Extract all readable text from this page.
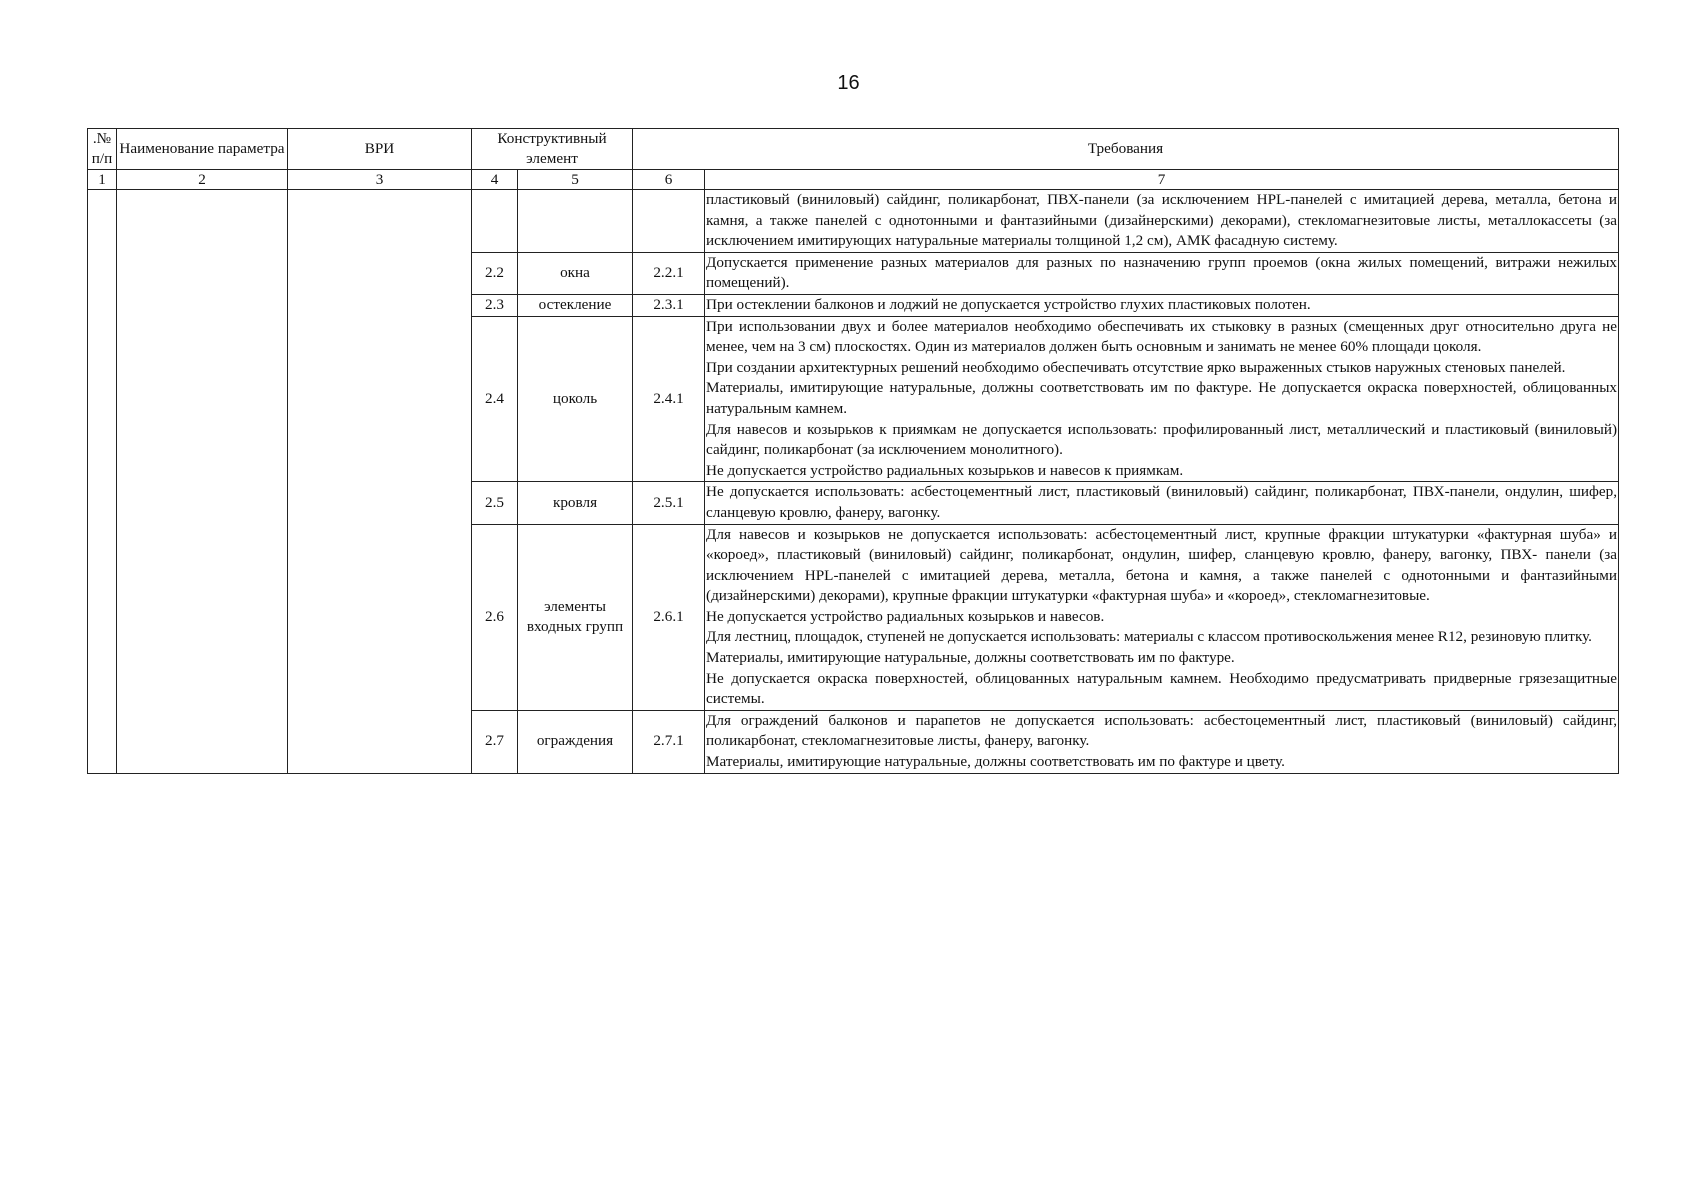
16
.№ п/п	Наименование параметра	ВРИ	Конструктивный элемент		Требования	
1	2	3	4	5	6	7

						пластиковый (виниловый) сайдинг, поликарбонат, ПВХ-панели (за исключением HPL-панелей с имитацией дерева, металла, бетона и камня, а также панелей с однотонными и фантазийными (дизайнерскими) декорами), стекломагнезитовые листы, металлокассеты (за исключением имитирующих натуральные материалы толщиной 1,2 см), АМК фасадную систему.

			2.2	окна	2.2.1	Допускается применение разных материалов для разных по назначению групп проемов (окна жилых помещений, витражи нежилых помещений).

			2.3	остекление	2.3.1	При остеклении балконов и лоджий не допускается устройство глухих пластиковых полотен.

			2.4	цоколь	2.4.1	При использовании двух и более материалов необходимо обеспечивать их стыковку в разных (смещенных друг относительно друга не менее, чем на 3 см) плоскостях. Один из материалов должен быть основным и занимать не менее 60% площади цоколя.

При создании архитектурных решений необходимо обеспечивать отсутствие ярко выраженных стыков наружных стеновых панелей.

Материалы, имитирующие натуральные, должны соответствовать им по фактуре. Не допускается окраска поверхностей, облицованных натуральным камнем.

Для навесов и козырьков к приямкам не допускается использовать: профилированный лист, металлический и пластиковый (виниловый) сайдинг, поликарбонат (за исключением монолитного).

Не допускается устройство радиальных козырьков и навесов к приямкам.

			2.5	кровля	2.5.1	Не допускается использовать: асбестоцементный лист, пластиковый (виниловый) сайдинг, поликарбонат, ПВХ-панели, ондулин, шифер, сланцевую кровлю, фанеру, вагонку.

			2.6	элементы входных групп	2.6.1	Для навесов и козырьков не допускается использовать: асбестоцементный лист, крупные фракции штукатурки «фактурная шуба» и «короед», пластиковый (виниловый) сайдинг, поликарбонат, ондулин, шифер, сланцевую кровлю, фанеру, вагонку, ПВХ- панели (за исключением HPL-панелей с имитацией дерева, металла, бетона и камня, а также панелей с однотонными и фантазийными (дизайнерскими) декорами), крупные фракции штукатурки «фактурная шуба» и «короед», стекломагнезитовые.

Не допускается устройство радиальных козырьков и навесов.

Для лестниц, площадок, ступеней не допускается использовать: материалы с классом противоскольжения менее R12, резиновую плитку.

Материалы, имитирующие натуральные, должны соответствовать им по фактуре.

Не допускается окраска поверхностей, облицованных натуральным камнем. Необходимо предусматривать придверные грязезащитные системы.

			2.7	ограждения	2.7.1	Для ограждений балконов и парапетов не допускается использовать: асбестоцементный лист, пластиковый (виниловый) сайдинг, поликарбонат, стекломагнезитовые листы, фанеру, вагонку.

Материалы, имитирующие натуральные, должны соответствовать им по фактуре и цвету.
